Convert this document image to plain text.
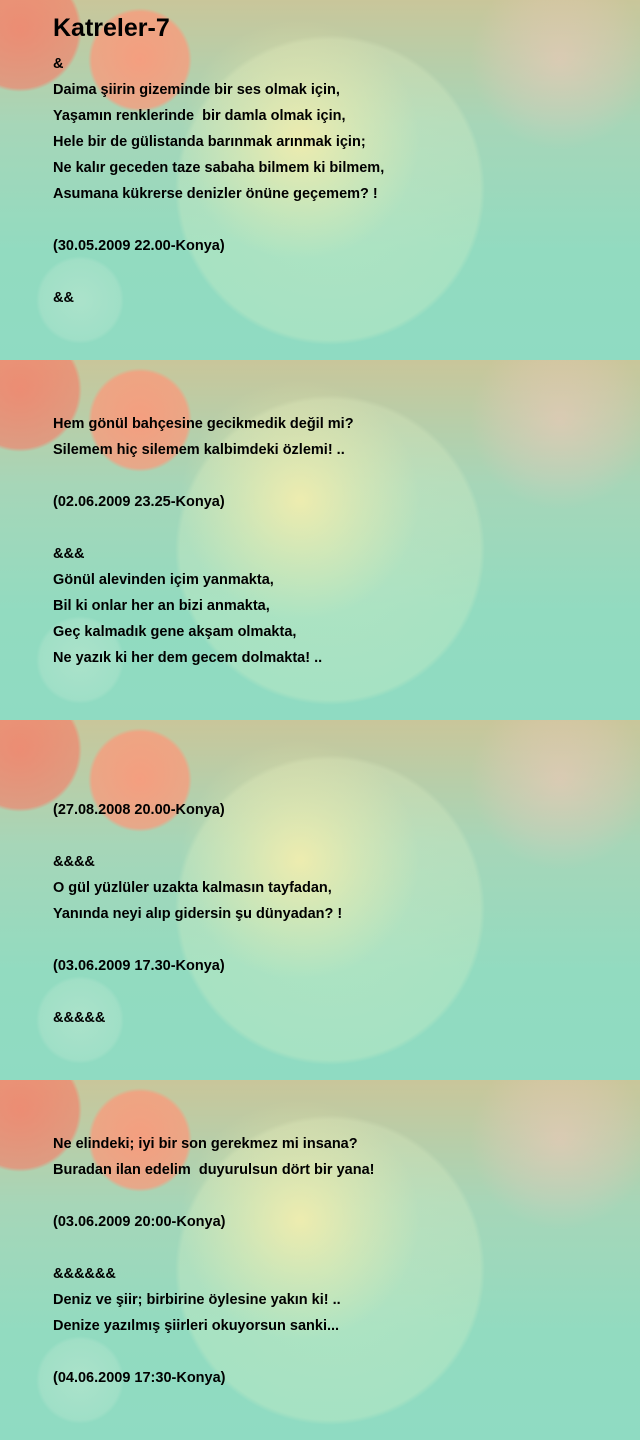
Katreler-7
&
Daima şiirin gizeminde bir ses olmak için,
Yaşamın renklerinde  bir damla olmak için,
Hele bir de gülistanda barınmak arınmak için;
Ne kalır geceden taze sabaha bilmem ki bilmem,
Asumana kükrerse denizler önüne geçemem? !
(30.05.2009 22.00-Konya)
&&
Hem gönül bahçesine gecikmedik değil mi?
Silemem hiç silemem kalbimdeki özlemi! ..
(02.06.2009 23.25-Konya)
&&&
Gönül alevinden içim yanmakta,
Bil ki onlar her an bizi anmakta,
Geç kalmadık gene akşam olmakta,
Ne yazık ki her dem gecem dolmakta! ..
(27.08.2008 20.00-Konya)
&&&&
O gül yüzlüler uzakta kalmasın tayfadan,
Yanında neyi alıp gidersin şu dünyadan? !
(03.06.2009 17.30-Konya)
&&&&&
Ne elindeki; iyi bir son gerekmez mi insana?
Buradan ilan edelim  duyurulsun dört bir yana!
(03.06.2009 20:00-Konya)
&&&&&&
Deniz ve şiir; birbirine öylesine yakın ki! ..
Denize yazılmış şiirleri okuyorsun sanki...
(04.06.2009 17:30-Konya)
